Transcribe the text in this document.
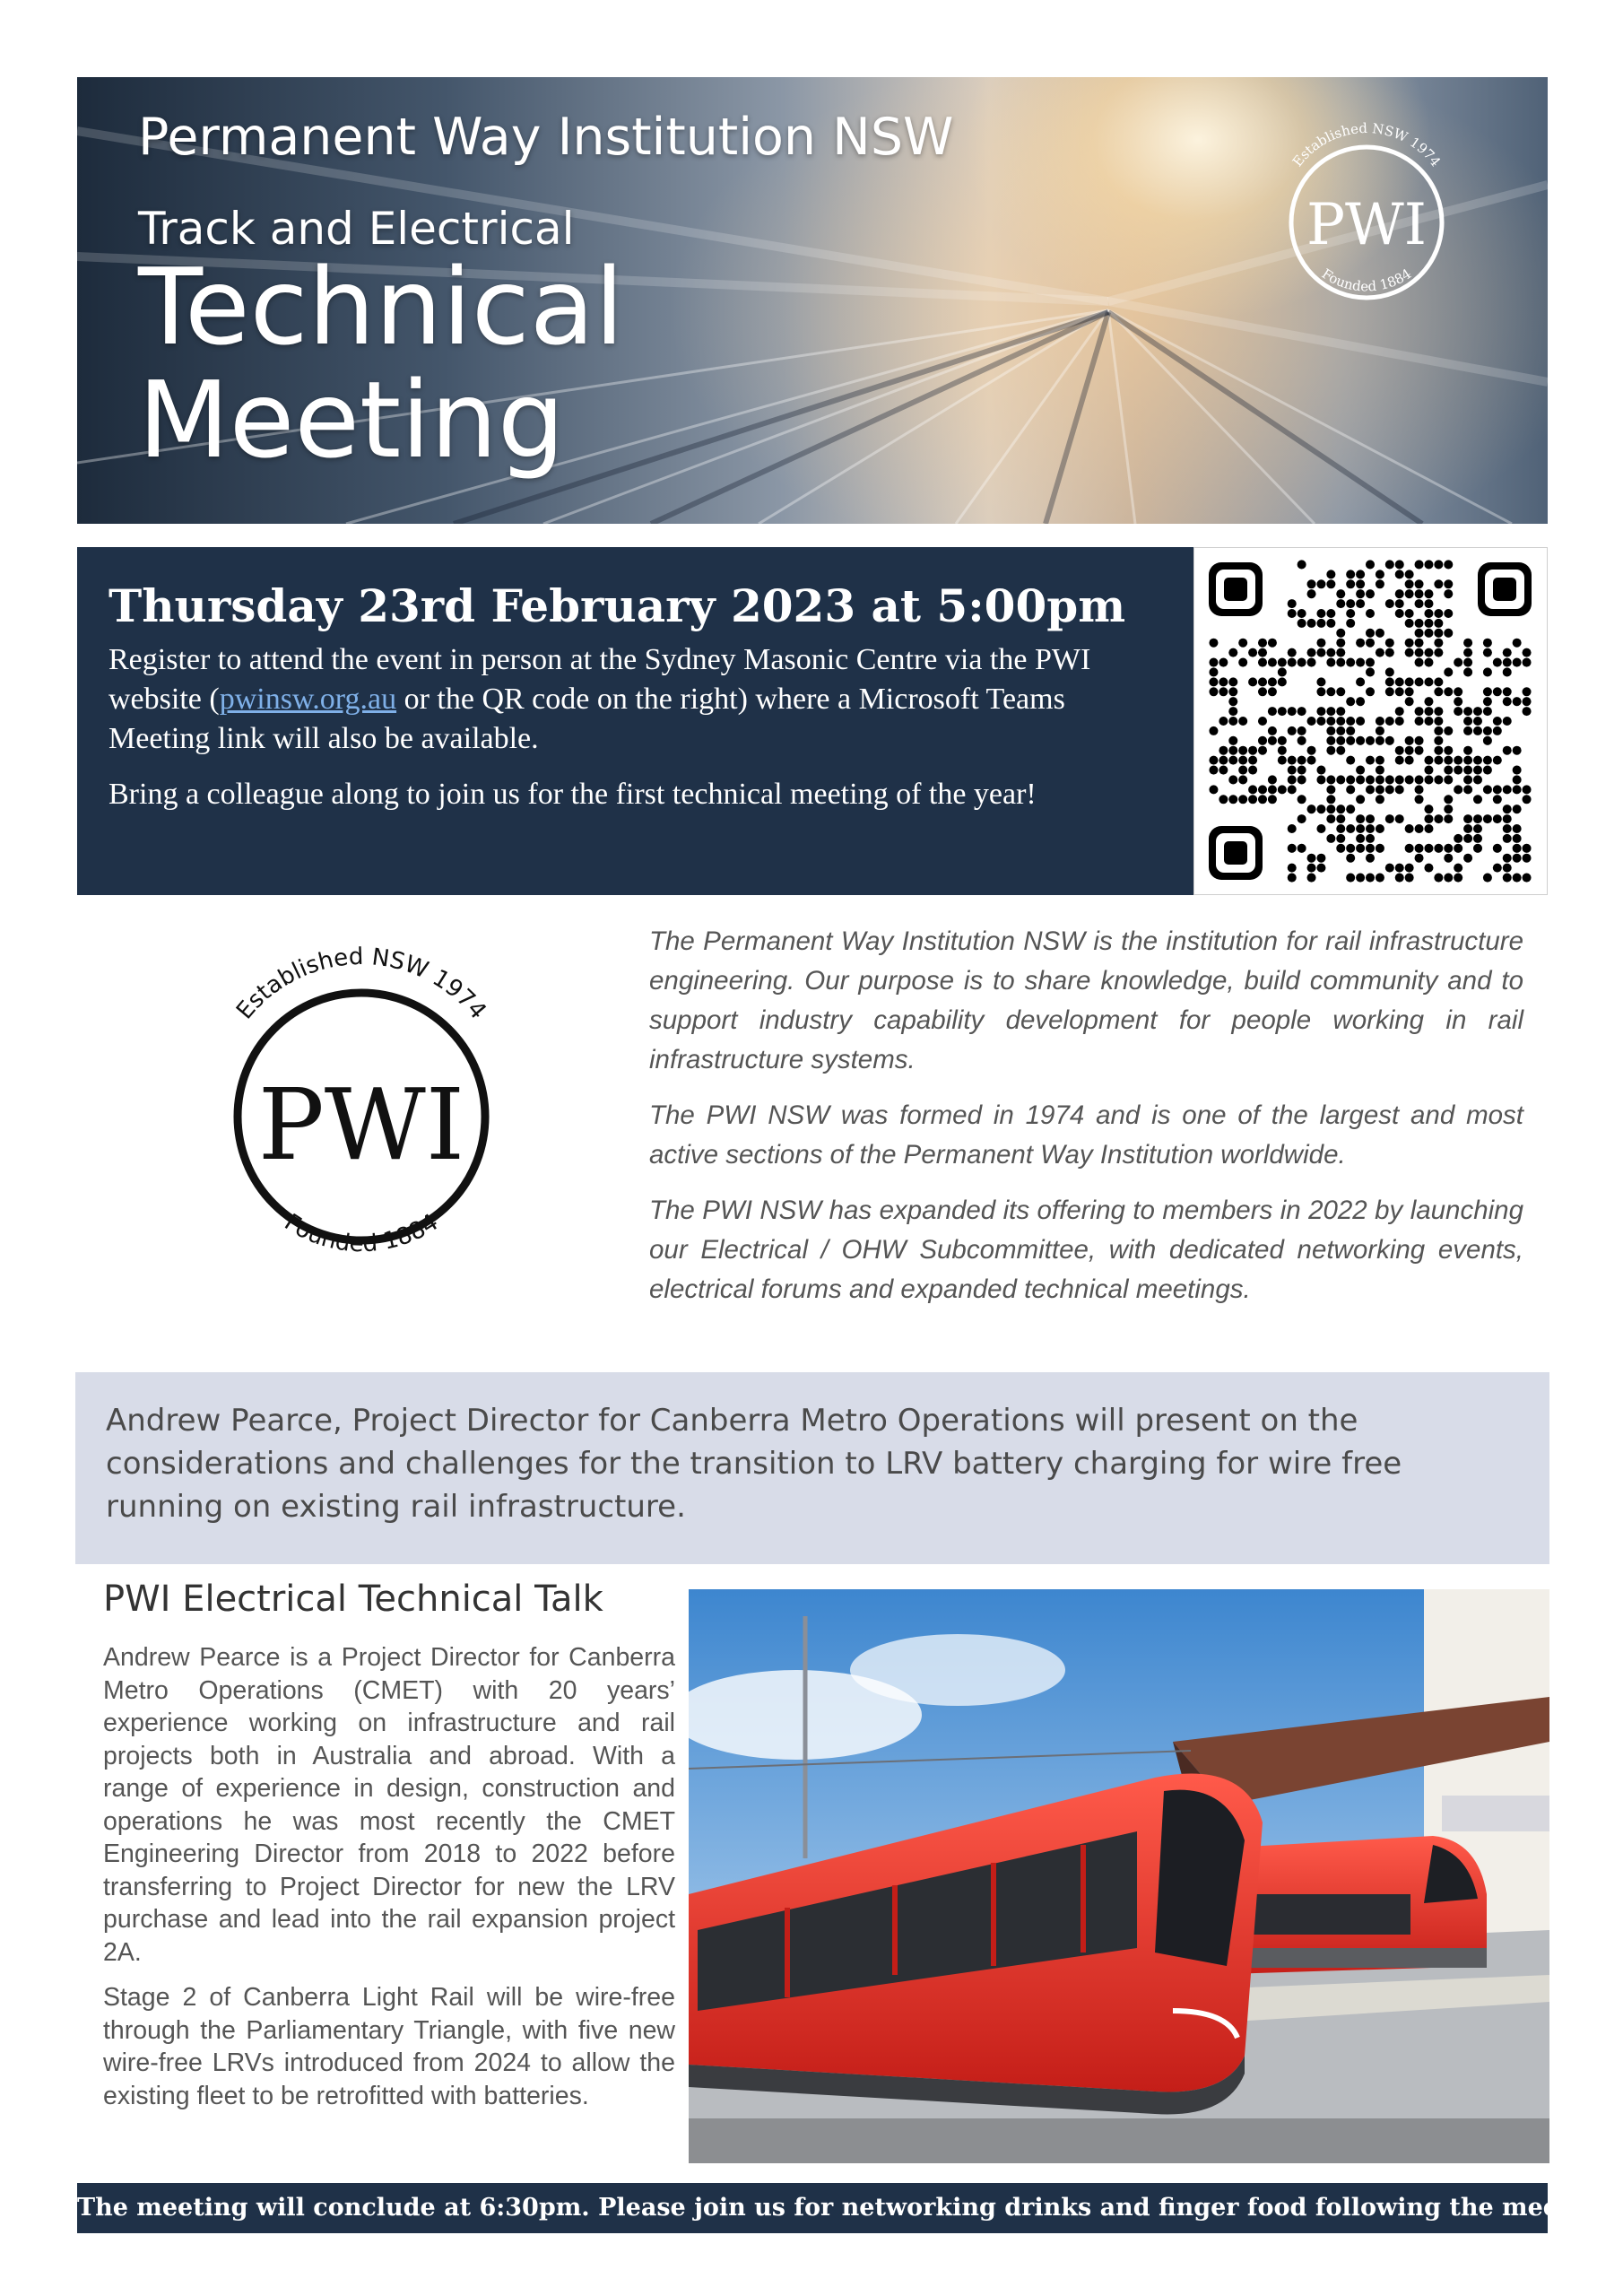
Permanent Way Institution NSW
Track and Electrical
Technical
Meeting
Established NSW 1974
Founded 1884
PWI
Thursday 23rd February 2023 at 5:00pm
Register to attend the event in person at the Sydney Masonic Centre via the PWI website (pwinsw.org.au or the QR code on the right) where a Microsoft Teams Meeting link will also be available.
Bring a colleague along to join us for the first technical meeting of the year!
Established NSW 1974
Founded 1884
PWI

The Permanent Way Institution NSW is the institution for rail infrastructure engineering. Our purpose is to share knowledge, build community and to support industry capability development for people working in rail infrastructure systems.

The PWI NSW was formed in 1974 and is one of the largest and most active sections of the Permanent Way Institution worldwide.

The PWI NSW has expanded its offering to members in 2022 by launching our Electrical / OHW Subcommittee, with dedicated networking events, electrical forums and expanded technical meetings.

Andrew Pearce, Project Director for Canberra Metro Operations will present on the considerations and challenges for the transition to LRV battery charging for wire free running on existing rail infrastructure.
PWI Electrical Technical Talk

Andrew Pearce is a Project Director for Canberra Metro Operations (CMET) with 20 years’ experience working on infrastructure and rail projects both in Australia and abroad. With a range of experience in design, construction and operations he was most recently the CMET Engineering Director from 2018 to 2022 before transferring to Project Director for new the LRV purchase and lead into the rail expansion project 2A.

Stage 2 of Canberra Light Rail will be wire-free through the Parliamentary Triangle, with five new wire-free LRVs introduced from 2024 to allow the existing fleet to be retrofitted with batteries.

The meeting will conclude at 6:30pm. Please join us for networking drinks and finger food following the meeting.
